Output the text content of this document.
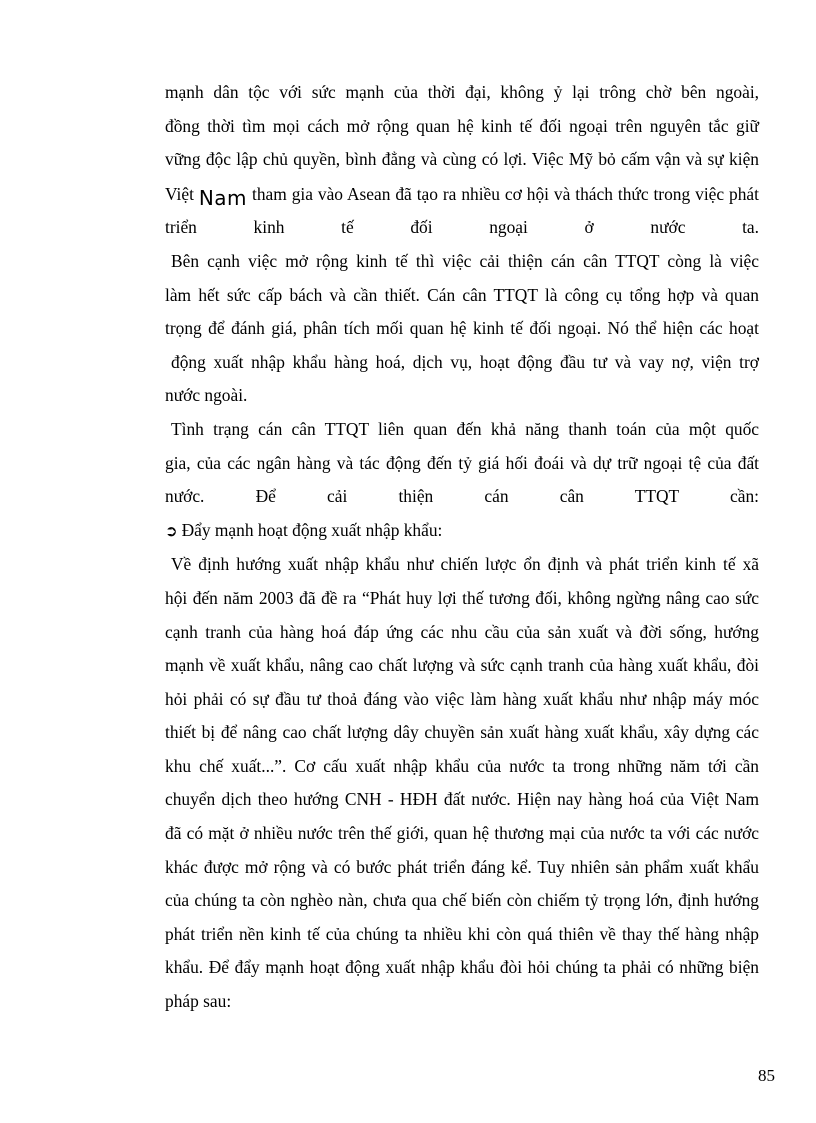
mạnh dân tộc với sức mạnh của thời đại, không ỷ lại trông chờ bên ngoài,
đồng thời tìm mọi cách mở rộng quan hệ kinh tế đối ngoại trên nguyên tắc giữ
vững độc lập chủ quyền, bình đẳng và cùng có lợi. Việc Mỹ bỏ cấm vận và sự kiện
Việt Nam tham gia vào Asean đã tạo ra nhiều cơ hội và thách thức trong việc phát
triển kinh tế đối ngoại ở nước ta.
Bên cạnh việc mở rộng kinh tế thì việc cải thiện cán cân TTQT còng là việc
làm hết sức cấp bách và cần thiết. Cán cân TTQT là công cụ tổng hợp và quan
trọng để đánh giá, phân tích mối quan hệ kinh tế đối ngoại. Nó thể hiện các hoạt
động xuất nhập khẩu hàng hoá, dịch vụ, hoạt động đầu tư và vay nợ, viện trợ
nước ngoài.
Tình trạng cán cân TTQT liên quan đến khả năng thanh toán của một quốc
gia, của các ngân hàng và tác động đến tỷ giá hối đoái và dự trữ ngoại tệ của đất
nước. Để cải thiện cán cân TTQT cần:
➲ Đẩy mạnh hoạt động xuất nhập khẩu:
Về định hướng xuất nhập khẩu như chiến lược ổn định và phát triển kinh tế xã
hội đến năm 2003 đã đề ra “Phát huy lợi thế tương đối, không ngừng nâng cao sức
cạnh tranh của hàng hoá đáp ứng các nhu cầu của sản xuất và đời sống, hướng
mạnh về xuất khẩu, nâng cao chất lượng và sức cạnh tranh của hàng xuất khẩu, đòi
hỏi phải có sự đầu tư thoả đáng vào việc làm hàng xuất khẩu như nhập máy móc
thiết bị để nâng cao chất lượng dây chuyền sản xuất hàng xuất khẩu, xây dựng các
khu chế xuất...”. Cơ cấu xuất nhập khẩu của nước ta trong những năm tới cần
chuyển dịch theo hướng CNH - HĐH đất nước. Hiện nay hàng hoá của Việt Nam
đã có mặt ở nhiều nước trên thế giới, quan hệ thương mại của nước ta với các nước
khác được mở rộng và có bước phát triển đáng kể. Tuy nhiên sản phẩm xuất khẩu
của chúng ta còn nghèo nàn, chưa qua chế biến còn chiếm tỷ trọng lớn, định hướng
phát triển nền kinh tế của chúng ta nhiều khi còn quá thiên về thay thế hàng nhập
khẩu. Để đẩy mạnh hoạt động xuất nhập khẩu đòi hỏi chúng ta phải có những biện
pháp sau:
85
